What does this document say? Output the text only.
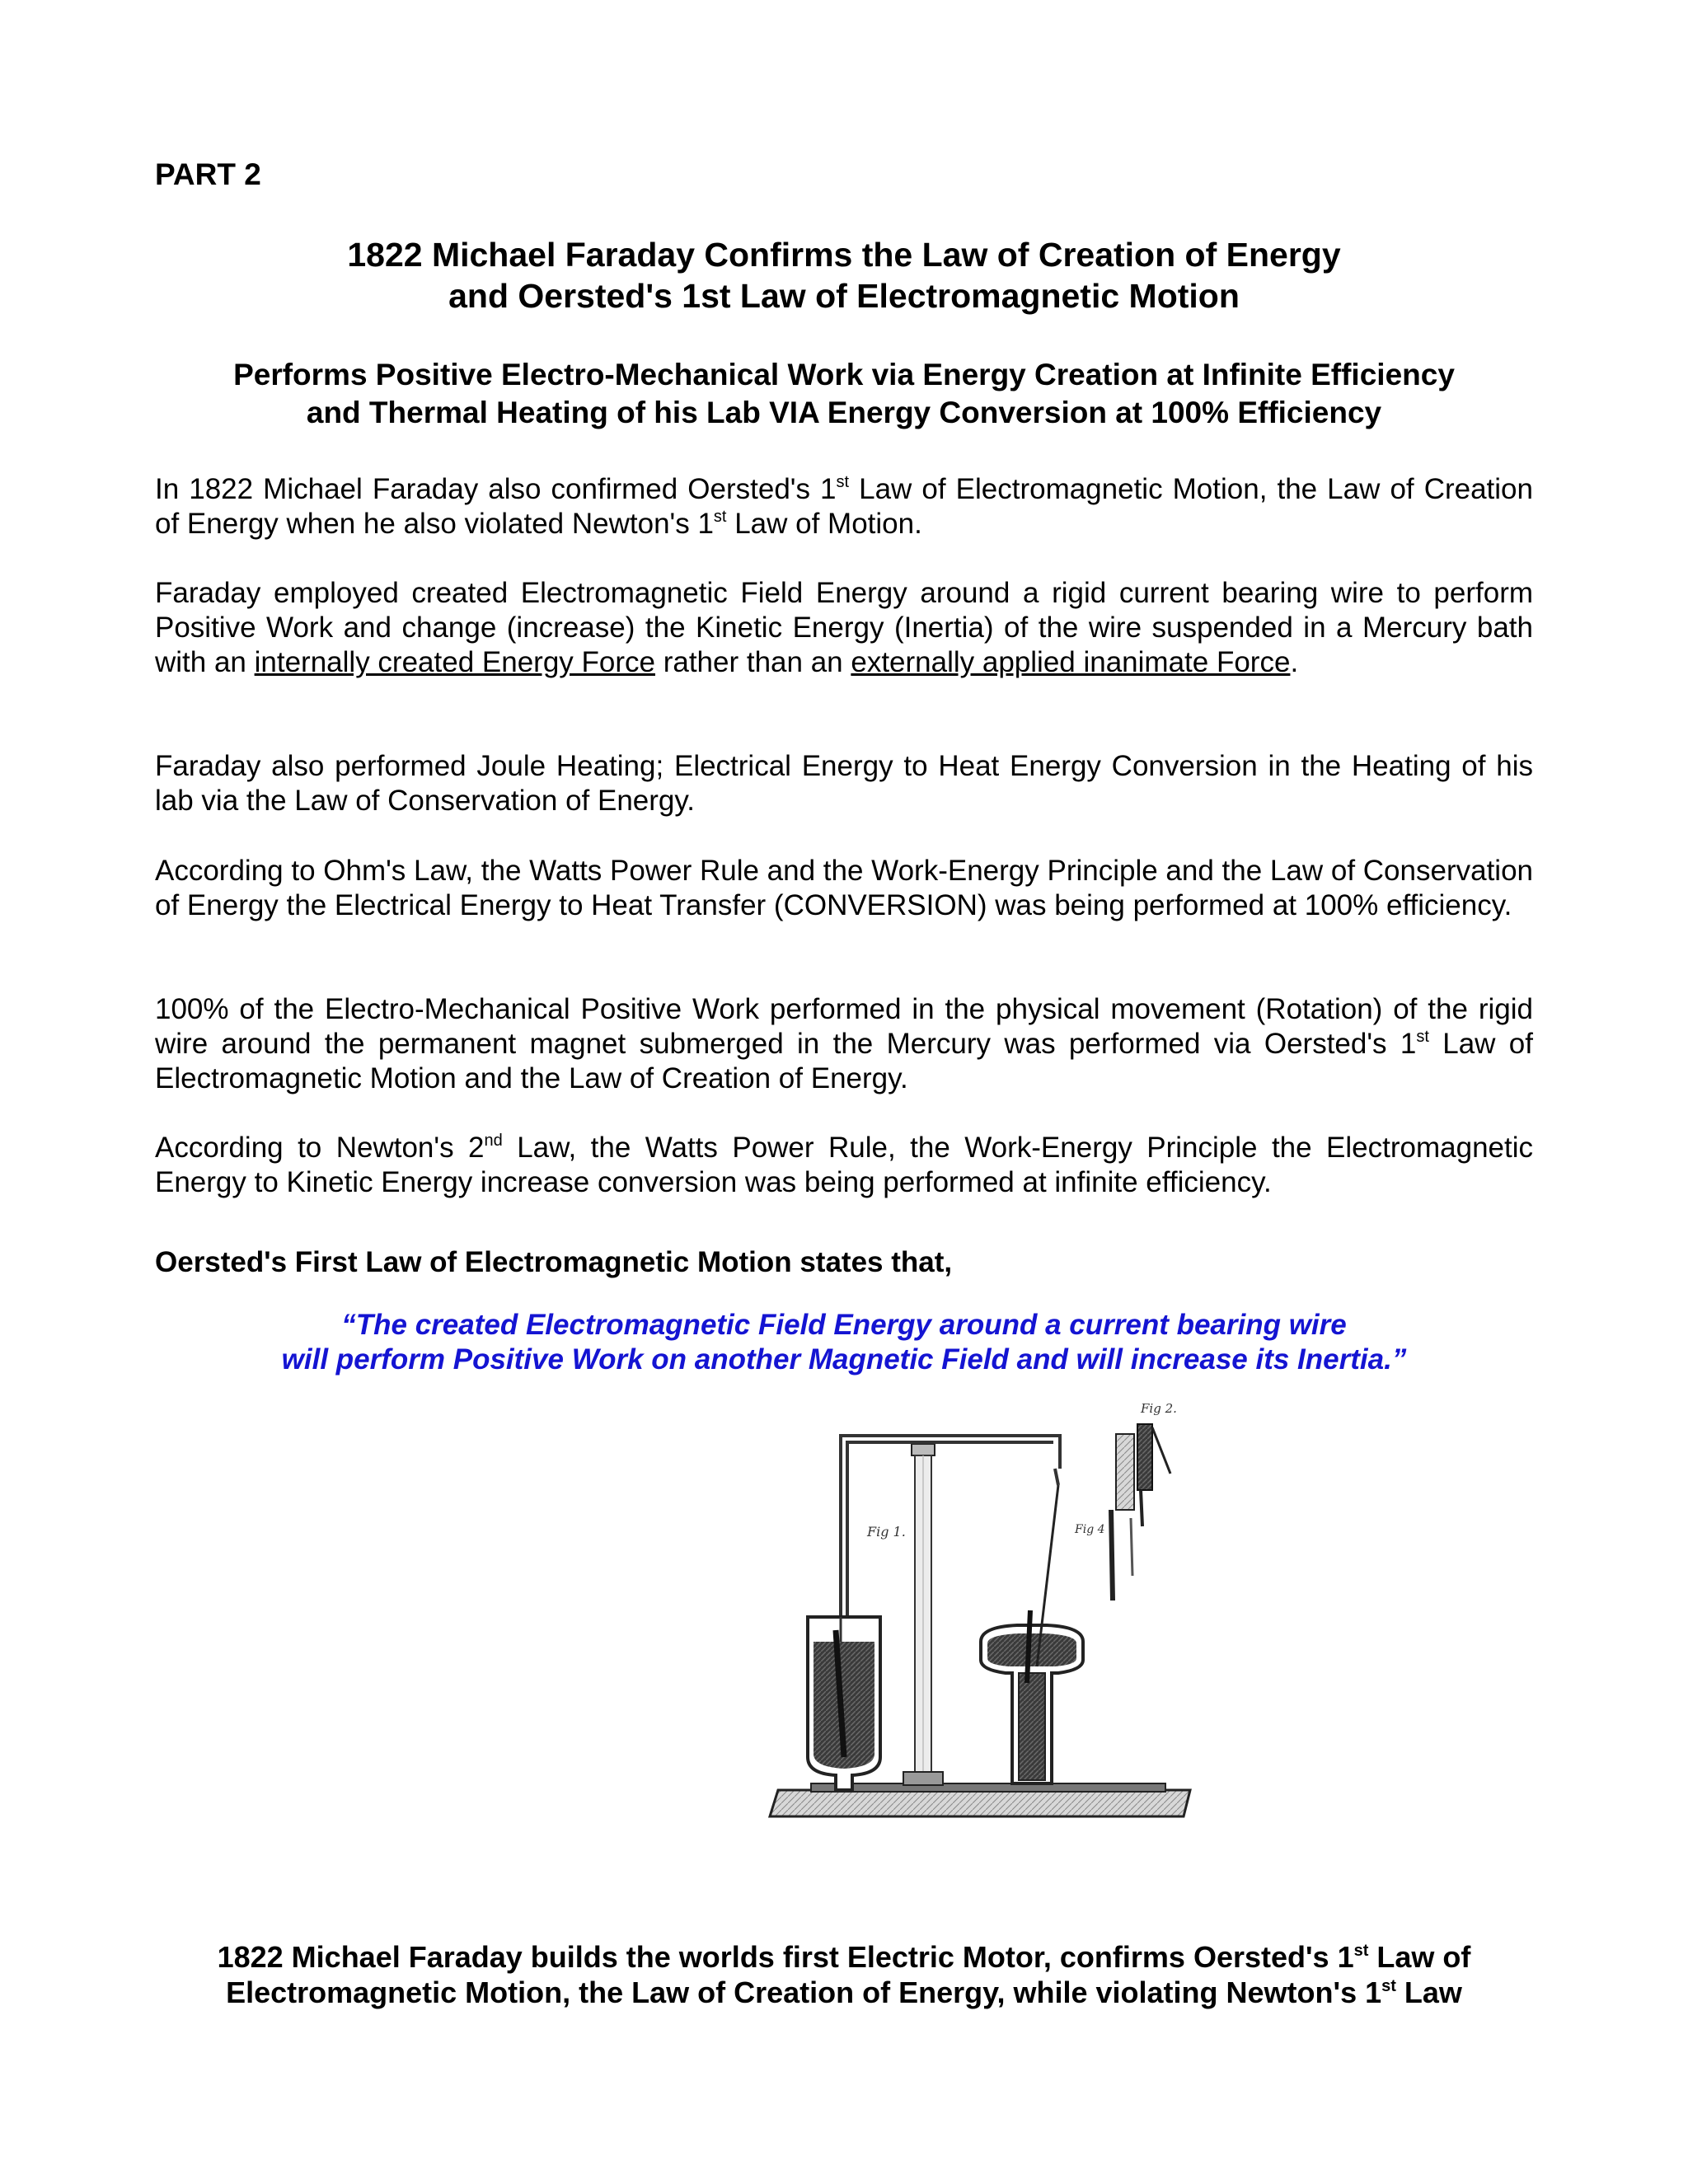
PART 2

1822 Michael Faraday Confirms the Law of Creation of Energy
and Oersted's 1st Law of Electromagnetic Motion
Performs Positive Electro-Mechanical Work via Energy Creation at Infinite Efficiency
and Thermal Heating of his Lab VIA Energy Conversion at 100% Efficiency

In 1822 Michael Faraday also confirmed Oersted's 1st Law of Electromagnetic Motion, the Law of Creation of Energy when he also violated Newton's 1st Law of Motion.

Faraday employed created Electromagnetic Field Energy around a rigid current bearing wire to perform Positive Work and change (increase) the Kinetic Energy (Inertia) of the wire suspended in a Mercury bath with an internally created Energy Force rather than an externally applied inanimate Force.

Faraday also performed Joule Heating; Electrical Energy to Heat Energy Conversion in the Heating of his lab via the Law of Conservation of Energy.

According to Ohm's Law, the Watts Power Rule and the Work-Energy Principle and the Law of Conservation of Energy the Electrical Energy to Heat Transfer (CONVERSION) was being performed at 100% efficiency.

100% of the Electro-Mechanical Positive Work performed in the physical movement (Rotation) of the rigid wire around the permanent magnet submerged in the Mercury was performed via Oersted's 1st Law of Electromagnetic Motion and the Law of Creation of Energy.

According to Newton's 2nd Law, the Watts Power Rule, the Work-Energy Principle the Electromagnetic Energy to Kinetic Energy increase conversion was being performed at infinite efficiency.

Oersted's First Law of Electromagnetic Motion states that,

“The created Electromagnetic Field Energy around a current bearing wire
will perform Positive Work on another Magnetic Field and will increase its Inertia.”

Fig 1.
Fig 2.
Fig 4

1822 Michael Faraday builds the worlds first Electric Motor, confirms Oersted's 1st Law of
Electromagnetic Motion, the Law of Creation of Energy, while violating Newton's 1st Law
